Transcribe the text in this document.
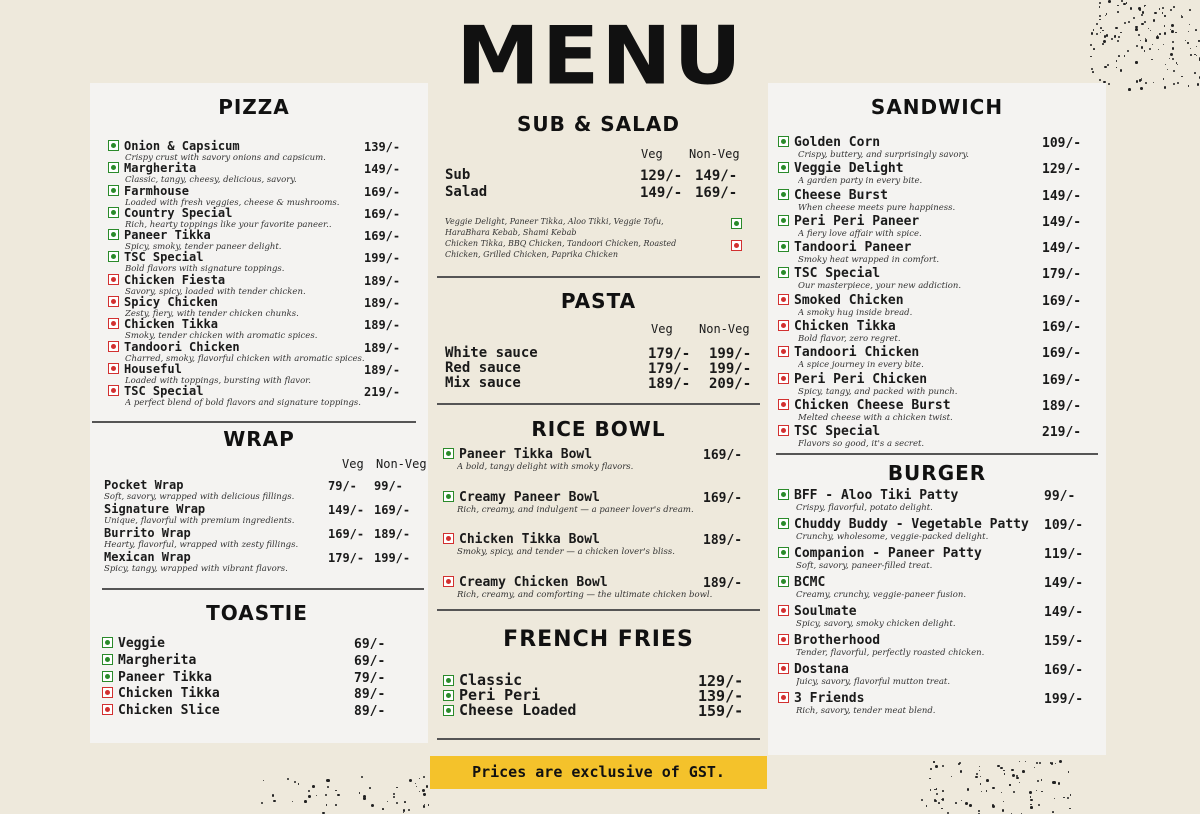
MENU
PIZZA
Onion & Capsicum
Crispy crust with savory onions and capsicum.
139/-
Margherita
Classic, tangy, cheesy, delicious, savory.
149/-
Farmhouse
Loaded with fresh veggies, cheese & mushrooms.
169/-
Country Special
Rich, hearty toppings like your favorite paneer..
169/-
Paneer Tikka
Spicy, smoky, tender paneer delight.
169/-
TSC Special
Bold flavors with signature toppings.
199/-
Chicken Fiesta
Savory, spicy, loaded with tender chicken.
189/-
Spicy Chicken
Zesty, fiery, with tender chicken chunks.
189/-
Chicken Tikka
Smoky, tender chicken with aromatic spices.
189/-
Tandoori Chicken
Charred, smoky, flavorful chicken with aromatic spices.
189/-
Houseful
Loaded with toppings, bursting with flavor.
189/-
TSC Special
A perfect blend of bold flavors and signature toppings.
219/-
WRAP
Veg Non-Veg
Pocket Wrap
Soft, savory, wrapped with delicious fillings.
79/- 99/-
Signature Wrap
Unique, flavorful with premium ingredients.
149/- 169/-
Burrito Wrap
Hearty, flavorful, wrapped with zesty fillings.
169/- 189/-
Mexican Wrap
Spicy, tangy, wrapped with vibrant flavors.
179/- 199/-
TOASTIE
Veggie	69/-
Margherita	69/-
Paneer Tikka	79/-
Chicken Tikka	89/-
Chicken Slice	89/-
SUB & SALAD
Veg Non-Veg
Sub	129/- 149/-
Salad	149/- 169/-
Veggie Delight, Paneer Tikka, Aloo Tikki, Veggie Tofu, HaraBhara Kebab, Shami Kebab
Chicken Tikka, BBQ Chicken, Tandoori Chicken, Roasted Chicken, Grilled Chicken, Paprika Chicken
PASTA
Veg Non-Veg
White sauce	179/- 199/-
Red sauce	179/- 199/-
Mix sauce	189/- 209/-
RICE BOWL
Paneer Tikka Bowl
A bold, tangy delight with smoky flavors.
169/-
Creamy Paneer Bowl
Rich, creamy, and indulgent — a paneer lover's dream.
169/-
Chicken Tikka Bowl
Smoky, spicy, and tender — a chicken lover's bliss.
189/-
Creamy Chicken Bowl
Rich, creamy, and comforting — the ultimate chicken bowl.
189/-
FRENCH FRIES
Classic	129/-
Peri Peri	139/-
Cheese Loaded	159/-
SANDWICH
Golden Corn
Crispy, buttery, and surprisingly savory.
109/-
Veggie Delight
A garden party in every bite.
129/-
Cheese Burst
When cheese meets pure happiness.
149/-
Peri Peri Paneer
A fiery love affair with spice.
149/-
Tandoori Paneer
Smoky heat wrapped in comfort.
149/-
TSC Special
Our masterpiece, your new addiction.
179/-
Smoked Chicken
A smoky hug inside bread.
169/-
Chicken Tikka
Bold flavor, zero regret.
169/-
Tandoori Chicken
A spice journey in every bite.
169/-
Peri Peri Chicken
Spicy, tangy, and packed with punch.
169/-
Chicken Cheese Burst
Melted cheese with a chicken twist.
189/-
TSC Special
Flavors so good, it's a secret.
219/-
BURGER
BFF - Aloo Tiki Patty
Crispy, flavorful, potato delight.
99/-
Chuddy Buddy - Vegetable Patty
Crunchy, wholesome, veggie-packed delight.
109/-
Companion - Paneer Patty
Soft, savory, paneer-filled treat.
119/-
BCMC
Creamy, crunchy, veggie-paneer fusion.
149/-
Soulmate
Spicy, savory, smoky chicken delight.
149/-
Brotherhood
Tender, flavorful, perfectly roasted chicken.
159/-
Dostana
Juicy, savory, flavorful mutton treat.
169/-
3 Friends
Rich, savory, tender meat blend.
199/-
Prices are exclusive of GST.
